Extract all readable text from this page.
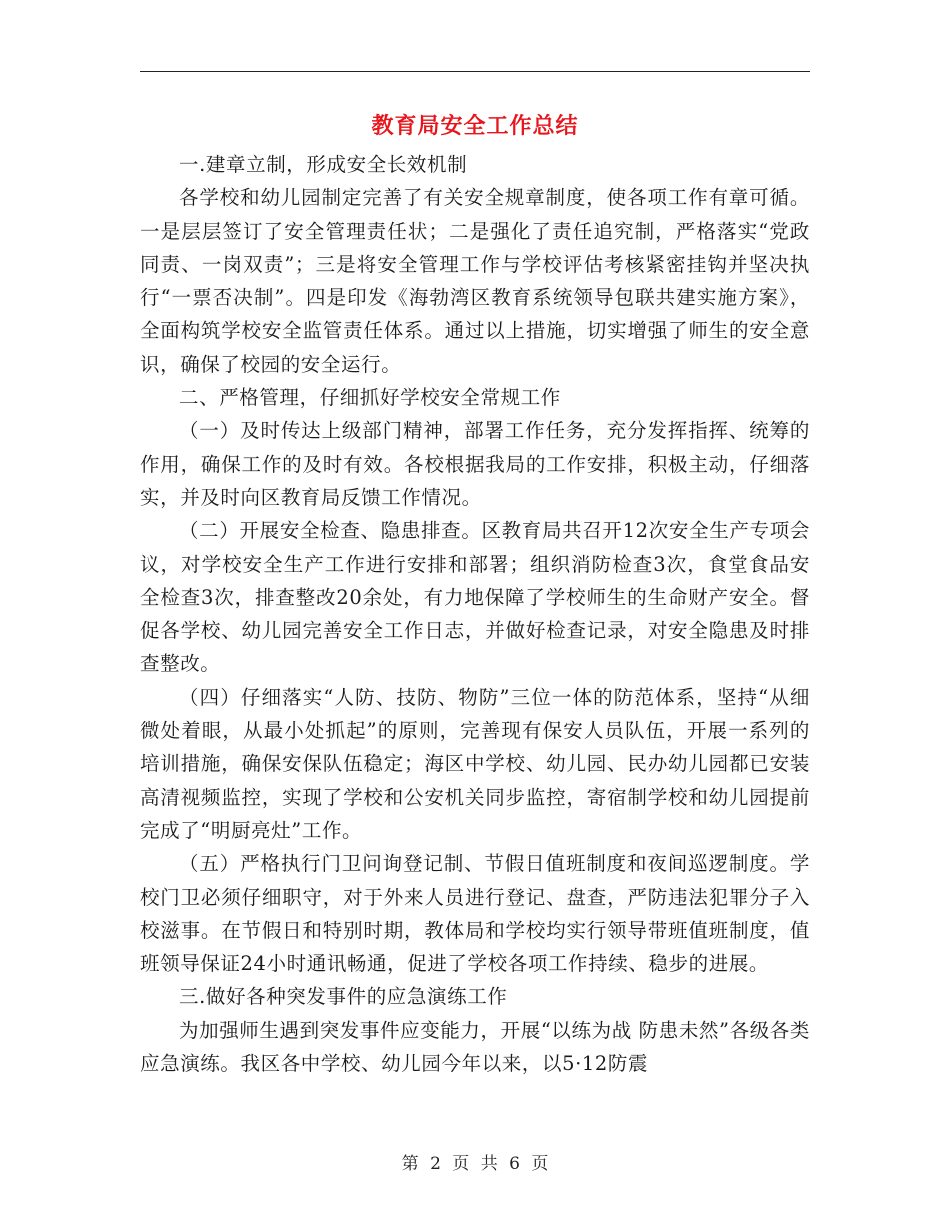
教育局安全工作总结

一.建章立制，形成安全长效机制

各学校和幼儿园制定完善了有关安全规章制度，使各项工作有章可循。一是层层签订了安全管理责任状；二是强化了责任追究制，严格落实“党政同责、一岗双责”；三是将安全管理工作与学校评估考核紧密挂钩并坚决执行“一票否决制”。四是印发《海勃湾区教育系统领导包联共建实施方案》，全面构筑学校安全监管责任体系。通过以上措施，切实增强了师生的安全意识，确保了校园的安全运行。

二、严格管理，仔细抓好学校安全常规工作

（一）及时传达上级部门精神，部署工作任务，充分发挥指挥、统筹的作用，确保工作的及时有效。各校根据我局的工作安排，积极主动，仔细落实，并及时向区教育局反馈工作情况。

（二）开展安全检查、隐患排查。区教育局共召开12次安全生产专项会议，对学校安全生产工作进行安排和部署；组织消防检查3次，食堂食品安全检查3次，排查整改20余处，有力地保障了学校师生的生命财产安全。督促各学校、幼儿园完善安全工作日志，并做好检查记录，对安全隐患及时排查整改。

（四）仔细落实“人防、技防、物防”三位一体的防范体系，坚持“从细微处着眼，从最小处抓起”的原则，完善现有保安人员队伍，开展一系列的培训措施，确保安保队伍稳定；海区中学校、幼儿园、民办幼儿园都已安装高清视频监控，实现了学校和公安机关同步监控，寄宿制学校和幼儿园提前完成了“明厨亮灶”工作。

（五）严格执行门卫问询登记制、节假日值班制度和夜间巡逻制度。学校门卫必须仔细职守，对于外来人员进行登记、盘查，严防违法犯罪分子入校滋事。在节假日和特别时期，教体局和学校均实行领导带班值班制度，值班领导保证24小时通讯畅通，促进了学校各项工作持续、稳步的进展。

三.做好各种突发事件的应急演练工作

为加强师生遇到突发事件应变能力，开展“以练为战 防患未然”各级各类应急演练。我区各中学校、幼儿园今年以来，以5·12防震

第 2 页 共 6 页
